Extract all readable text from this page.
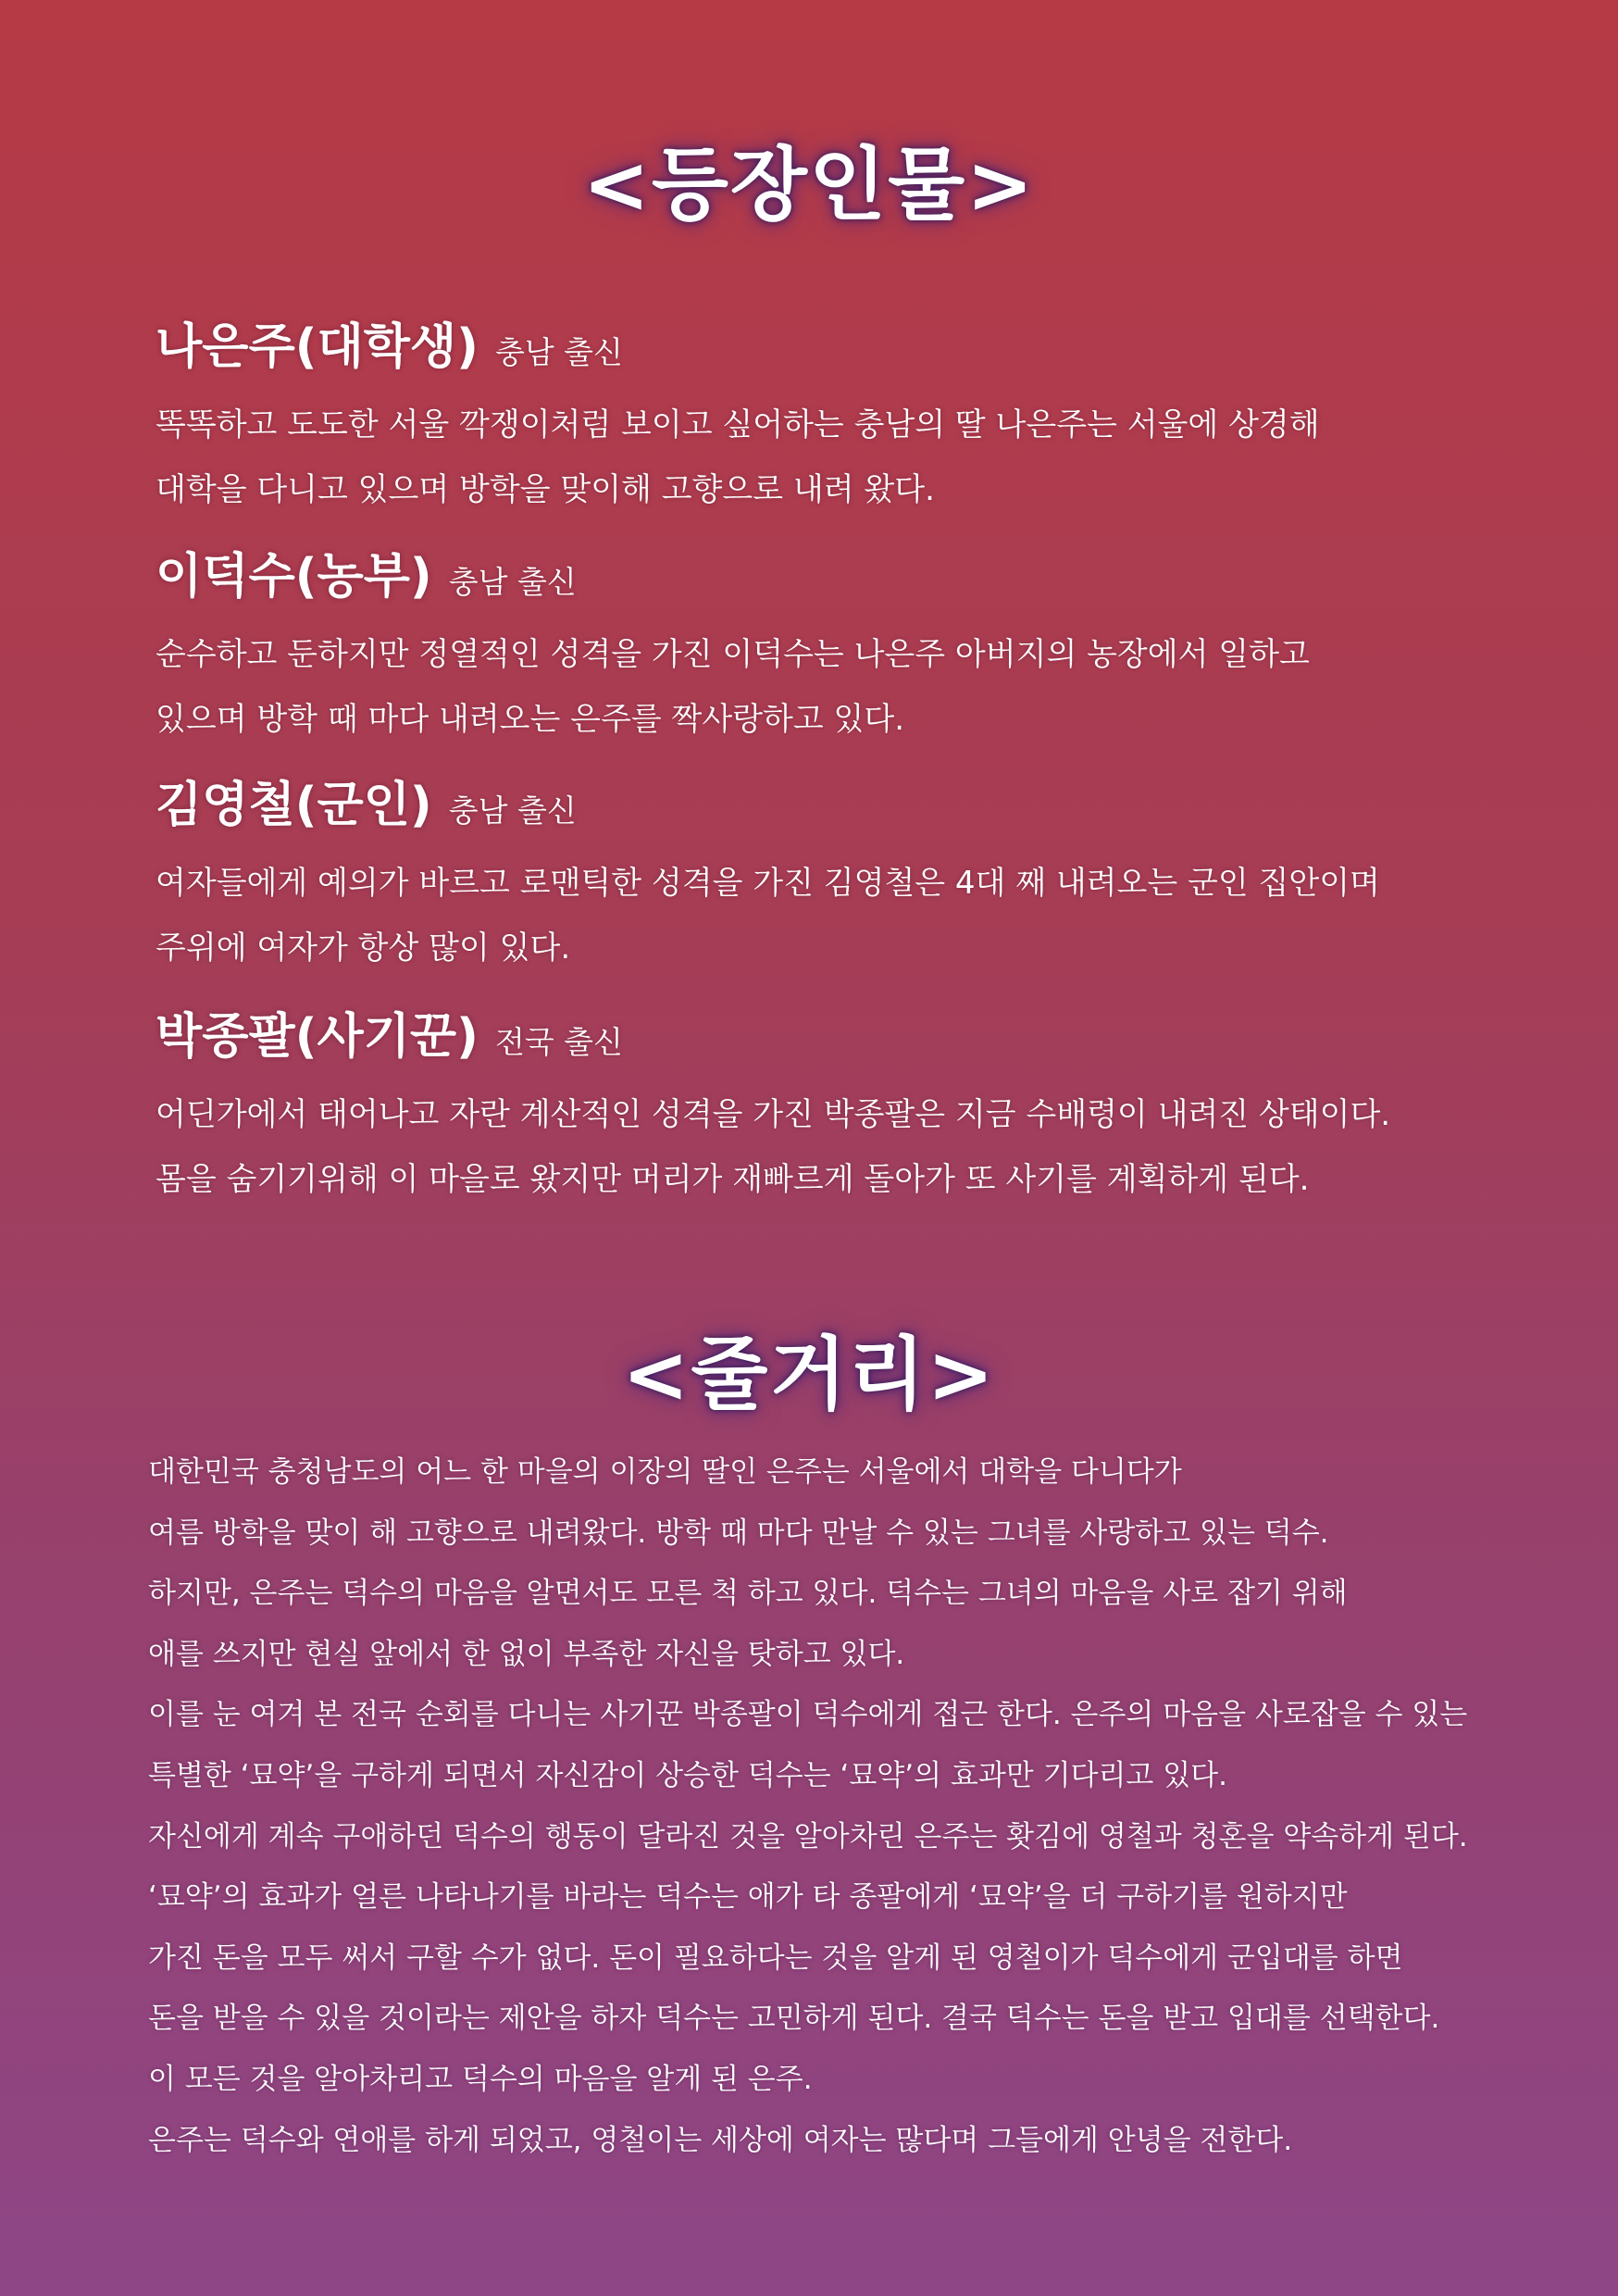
<등장인물>
나은주(대학생) 충남 출신
똑똑하고 도도한 서울 깍쟁이처럼 보이고 싶어하는 충남의 딸 나은주는 서울에 상경해
대학을 다니고 있으며 방학을 맞이해 고향으로 내려 왔다.
이덕수(농부) 충남 출신
순수하고 둔하지만 정열적인 성격을 가진 이덕수는 나은주 아버지의 농장에서 일하고
있으며 방학 때 마다 내려오는 은주를 짝사랑하고 있다.
김영철(군인) 충남 출신
여자들에게 예의가 바르고 로맨틱한 성격을 가진 김영철은 4대 째 내려오는 군인 집안이며
주위에 여자가 항상 많이 있다.
박종팔(사기꾼) 전국 출신
어딘가에서 태어나고 자란 계산적인 성격을 가진 박종팔은 지금 수배령이 내려진 상태이다.
몸을 숨기기위해 이 마을로 왔지만 머리가 재빠르게 돌아가 또 사기를 계획하게 된다.
<줄거리>
대한민국 충청남도의 어느 한 마을의 이장의 딸인 은주는 서울에서 대학을 다니다가
여름 방학을 맞이 해 고향으로 내려왔다. 방학 때 마다 만날 수 있는 그녀를 사랑하고 있는 덕수.
하지만, 은주는 덕수의 마음을 알면서도 모른 척 하고 있다. 덕수는 그녀의 마음을 사로 잡기 위해
애를 쓰지만 현실 앞에서 한 없이 부족한 자신을 탓하고 있다.
이를 눈 여겨 본 전국 순회를 다니는 사기꾼 박종팔이 덕수에게 접근 한다. 은주의 마음을 사로잡을 수 있는
특별한 ‘묘약’을 구하게 되면서 자신감이 상승한 덕수는 ‘묘약’의 효과만 기다리고 있다.
자신에게 계속 구애하던 덕수의 행동이 달라진 것을 알아차린 은주는 홧김에 영철과 청혼을 약속하게 된다.
‘묘약’의 효과가 얼른 나타나기를 바라는 덕수는 애가 타 종팔에게 ‘묘약’을 더 구하기를 원하지만
가진 돈을 모두 써서 구할 수가 없다. 돈이 필요하다는 것을 알게 된 영철이가 덕수에게 군입대를 하면
돈을 받을 수 있을 것이라는 제안을 하자 덕수는 고민하게 된다. 결국 덕수는 돈을 받고 입대를 선택한다.
이 모든 것을 알아차리고 덕수의 마음을 알게 된 은주.
은주는 덕수와 연애를 하게 되었고, 영철이는 세상에 여자는 많다며 그들에게 안녕을 전한다.
